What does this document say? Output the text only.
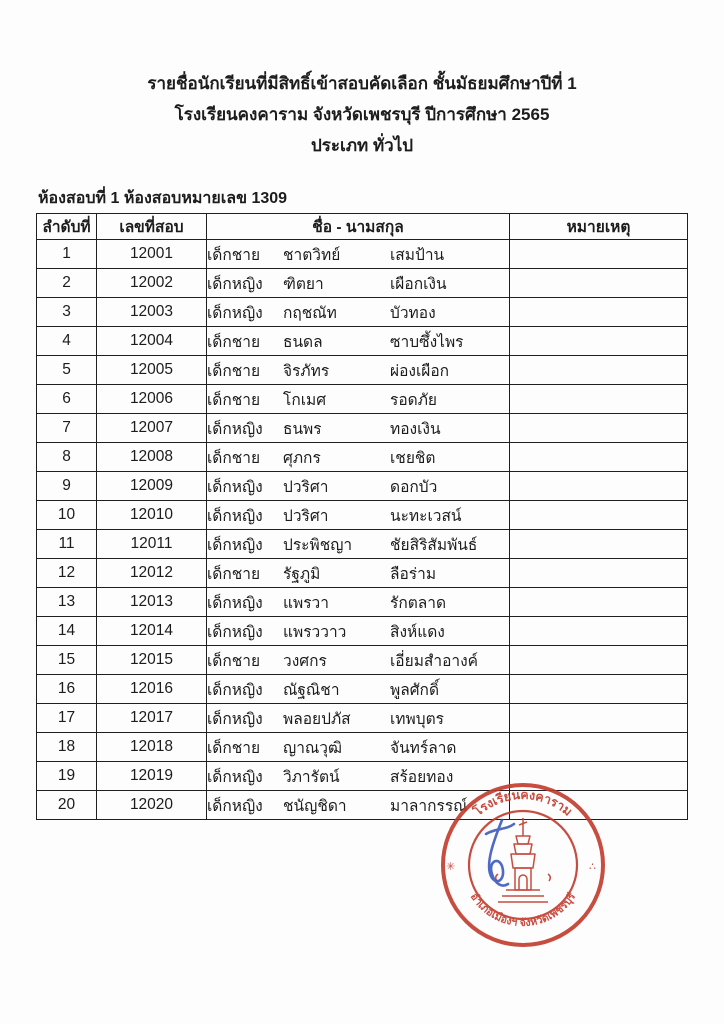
รายชื่อนักเรียนที่มีสิทธิ์เข้าสอบคัดเลือก ชั้นมัธยมศึกษาปีที่ 1
โรงเรียนคงคาราม จังหวัดเพชรบุรี ปีการศึกษา 2565
ประเภท ทั่วไป
ห้องสอบที่ 1 ห้องสอบหมายเลข 1309
ลำดับที่	เลขที่สอบ	ชื่อ - นามสกุล	หมายเหตุ
1	12001	เด็กชาย ชาตวิทย์ เสมป้าน	
2	12002	เด็กหญิง ฑิตยา เผือกเงิน	
3	12003	เด็กหญิง กฤชณัท บัวทอง	
4	12004	เด็กชาย ธนดล ซาบซึ้งไพร	
5	12005	เด็กชาย จิรภัทร ผ่องเผือก	
6	12006	เด็กชาย โกเมศ รอดภัย	
7	12007	เด็กหญิง ธนพร ทองเงิน	
8	12008	เด็กชาย ศุภกร เชยชิต	
9	12009	เด็กหญิง ปวริศา ดอกบัว	
10	12010	เด็กหญิง ปวริศา นะทะเวสน์	
11	12011	เด็กหญิง ประพิชญา ชัยสิริสัมพันธ์	
12	12012	เด็กชาย รัฐภูมิ ลือร่าม	
13	12013	เด็กหญิง แพรวา รักตลาด	
14	12014	เด็กหญิง แพรววาว สิงห์แดง	
15	12015	เด็กชาย วงศกร เอี่ยมสำอางค์	
16	12016	เด็กหญิง ณัฐณิชา พูลศักดิ์	
17	12017	เด็กหญิง พลอยปภัส เทพบุตร	
18	12018	เด็กชาย ญาณวุฒิ จันทร์ลาด	
19	12019	เด็กหญิง วิภารัตน์ สร้อยทอง	
20	12020	เด็กหญิง ชนัญชิดา มาลากรรณ์	โรงเรียนคงคาราม
อำเภอเมืองฯ จังหวัดเพชรบุรี
✳	∴
